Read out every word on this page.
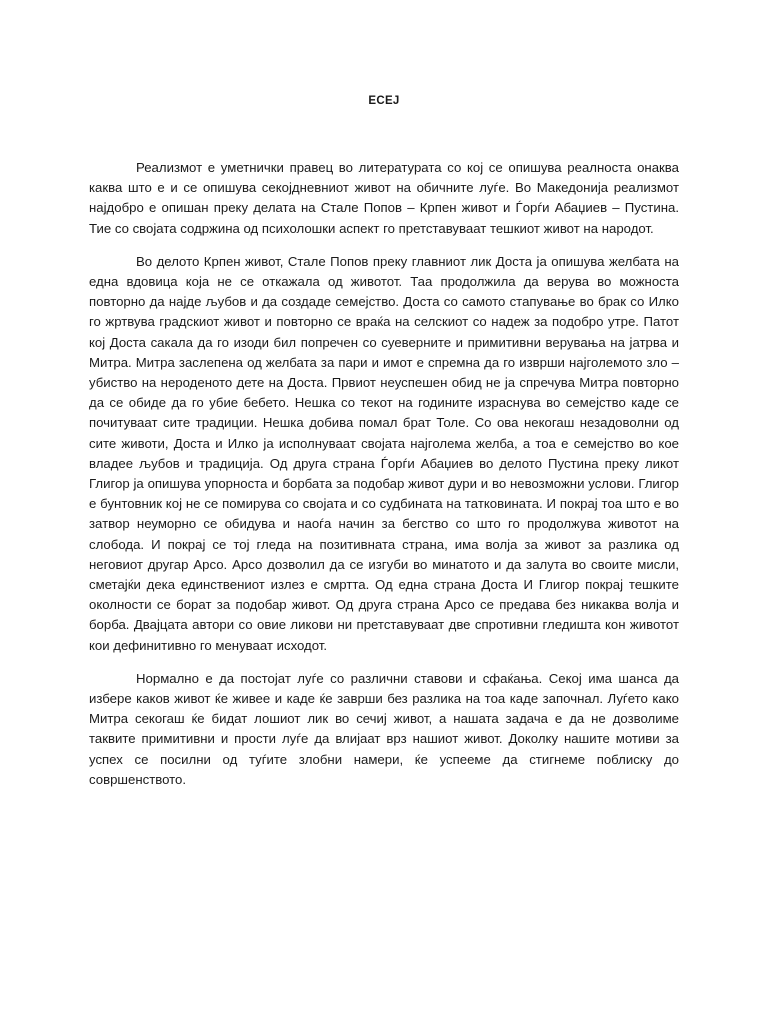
ЕСЕЈ

Реализмот е уметнички правец во литературата со кој се опишува реалноста онаква каква што е и се опишува секојдневниот живот на обичните луѓе. Во Македонија реализмот најдобро е опишан преку делата на Стале Попов – Крпен живот и Ѓорѓи Абаџиев – Пустина. Тие со својата содржина од психолошки аспект го претставуваат тешкиот живот на народот.

Во делото Крпен живот, Стале Попов преку главниот лик Доста ја опишува желбата на една вдовица која не се откажала од животот. Таа продолжила да верува во можноста повторно да најде љубов и да создаде семејство. Доста со самото стапување во брак со Илко го жртвува градскиот живот и повторно се враќа на селскиот со надеж за подобро утре. Патот кој Доста сакала да го изоди бил попречен со суеверните и примитивни верувања на јатрва и Митра. Митра заслепена од желбата за пари и имот е спремна да го изврши најголемото зло – убиство на нероденото дете на Доста. Првиот неуспешен обид не ја спречува Митра повторно да се обиде да го убие бебето. Нешка со текот на годините израснува во семејство каде се почитуваат сите традиции. Нешка добива помал брат Толе. Со ова некогаш незадоволни од сите животи, Доста и Илко ја исполнуваат својата најголема желба, а тоа е семејство во кое владее љубов и традиција. Од друга страна Ѓорѓи Абаџиев во делото Пустина преку ликот Глигор ја опишува упорноста и борбата за подобар живот дури и во невозможни услови. Глигор е бунтовник кој не се помирува со својата и со судбината на татковината. И покрај тоа што е во затвор неуморно се обидува и наоѓа начин за бегство со што го продолжува животот на слобода. И покрај се тој гледа на позитивната страна, има волја за живот за разлика од неговиот другар Арсо. Арсо дозволил да се изгуби во минатото и да залута во своите мисли, сметајќи дека единствениот излез е смртта. Од една страна Доста И Глигор покрај тешките околности се борат за подобар живот. Од друга страна Арсо се предава без никаква волја и борба. Двајцата автори со овие ликови ни претставуваат две спротивни гледишта кон животот кои дефинитивно го менуваат исходот.

Нормално е да постојат луѓе со различни ставови и сфаќања. Секој има шанса да избере каков живот ќе живее и каде ќе заврши без разлика на тоа каде започнал. Луѓето како Митра секогаш ќе бидат лошиот лик во сечиј живот, а нашата задача е да не дозволиме таквите примитивни и прости луѓе да влијаат врз нашиот живот. Доколку нашите мотиви за успех се посилни од туѓите злобни намери, ќе успееме да стигнеме поблиску до совршенството.
